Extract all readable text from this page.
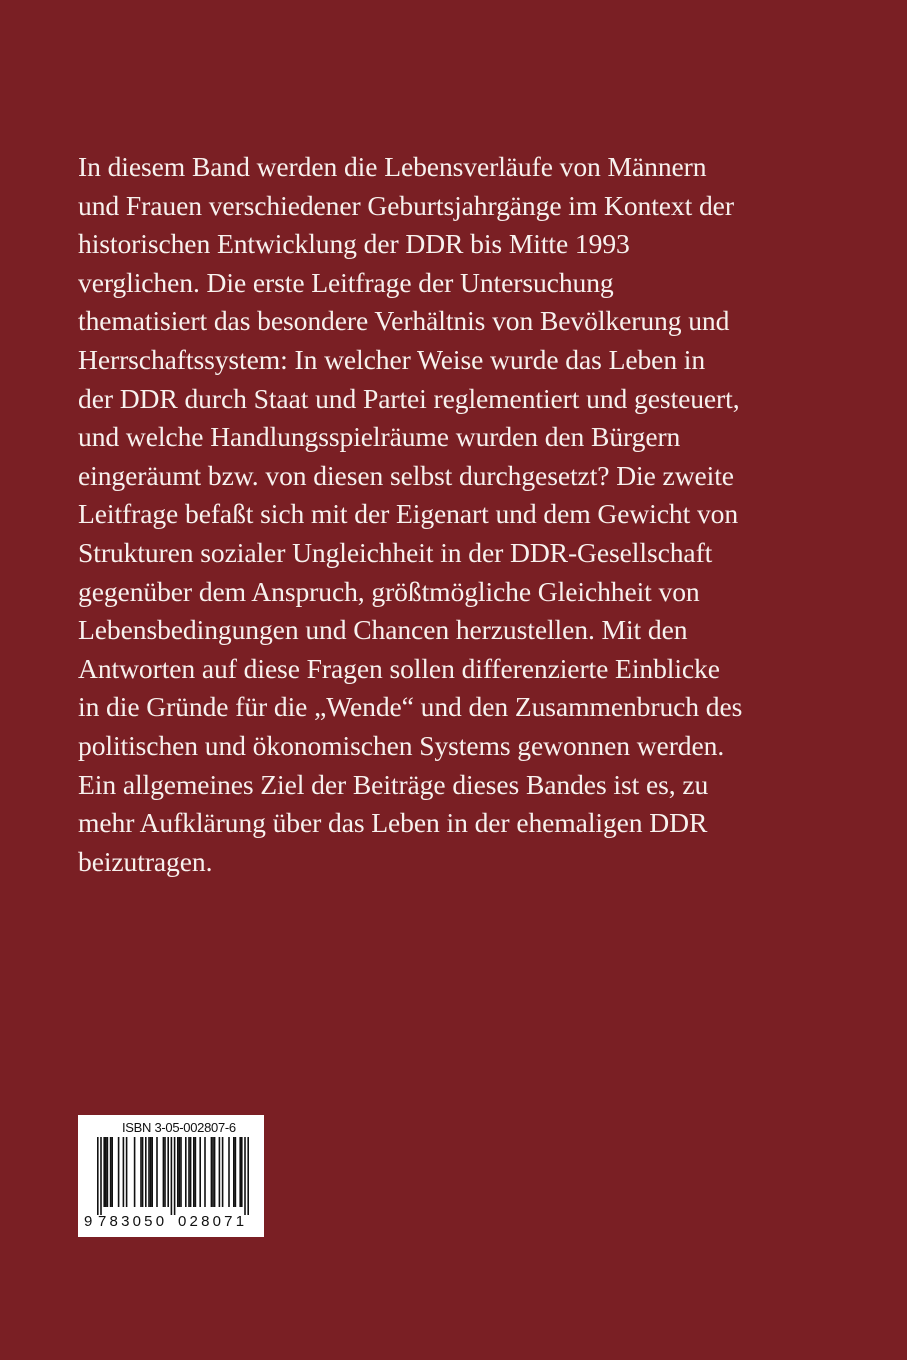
In diesem Band werden die Lebensverläufe von Männern
und Frauen verschiedener Geburtsjahrgänge im Kontext der
historischen Entwicklung der DDR bis Mitte 1993
verglichen. Die erste Leitfrage der Untersuchung
thematisiert das besondere Verhältnis von Bevölkerung und
Herrschaftssystem: In welcher Weise wurde das Leben in
der DDR durch Staat und Partei reglementiert und gesteuert,
und welche Handlungsspielräume wurden den Bürgern
eingeräumt bzw. von diesen selbst durchgesetzt? Die zweite
Leitfrage befaßt sich mit der Eigenart und dem Gewicht von
Strukturen sozialer Ungleichheit in der DDR-Gesellschaft
gegenüber dem Anspruch, größtmögliche Gleichheit von
Lebensbedingungen und Chancen herzustellen. Mit den
Antworten auf diese Fragen sollen differenzierte Einblicke
in die Gründe für die „Wende“ und den Zusammenbruch des
politischen und ökonomischen Systems gewonnen werden.
Ein allgemeines Ziel der Beiträge dieses Bandes ist es, zu
mehr Aufklärung über das Leben in der ehemaligen DDR
beizutragen.
ISBN 3-05-002807-6
9 783050 028071
